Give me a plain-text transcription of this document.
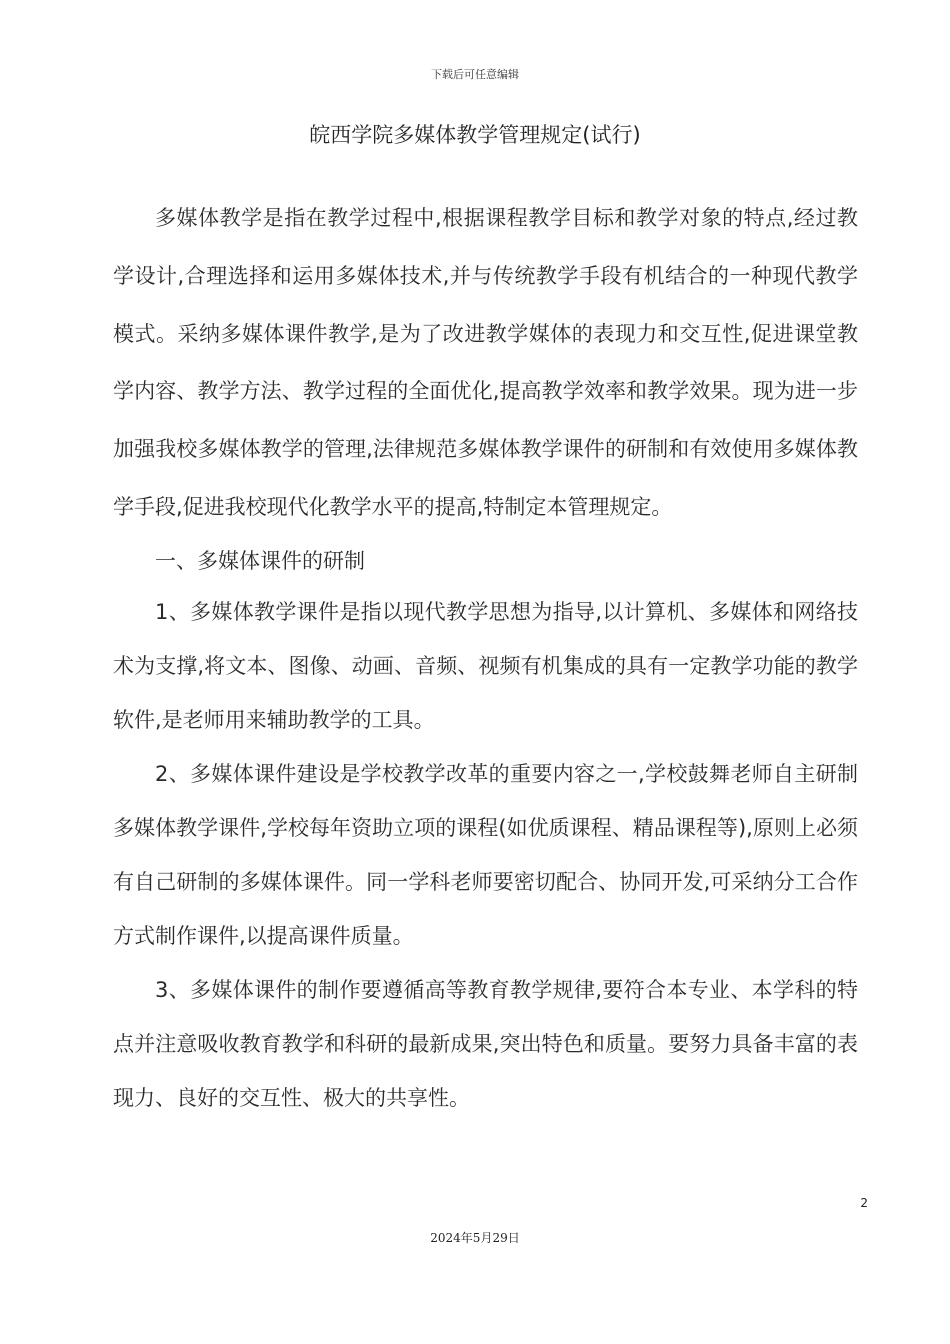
下载后可任意编辑
皖西学院多媒体教学管理规定(试行)

多媒体教学是指在教学过程中,根据课程教学目标和教学对象的特点,经过教学设计,合理选择和运用多媒体技术,并与传统教学手段有机结合的一种现代教学模式。采纳多媒体课件教学,是为了改进教学媒体的表现力和交互性,促进课堂教学内容、教学方法、教学过程的全面优化,提高教学效率和教学效果。现为进一步加强我校多媒体教学的管理,法律规范多媒体教学课件的研制和有效使用多媒体教学手段,促进我校现代化教学水平的提高,特制定本管理规定。

一、多媒体课件的研制

1、多媒体教学课件是指以现代教学思想为指导,以计算机、多媒体和网络技术为支撑,将文本、图像、动画、音频、视频有机集成的具有一定教学功能的教学软件,是老师用来辅助教学的工具。

2、多媒体课件建设是学校教学改革的重要内容之一,学校鼓舞老师自主研制多媒体教学课件,学校每年资助立项的课程(如优质课程、精品课程等),原则上必须有自己研制的多媒体课件。同一学科老师要密切配合、协同开发,可采纳分工合作方式制作课件,以提高课件质量。

3、多媒体课件的制作要遵循高等教育教学规律,要符合本专业、本学科的特点并注意吸收教育教学和科研的最新成果,突出特色和质量。要努力具备丰富的表现力、良好的交互性、极大的共享性。

2
2024年5月29日
